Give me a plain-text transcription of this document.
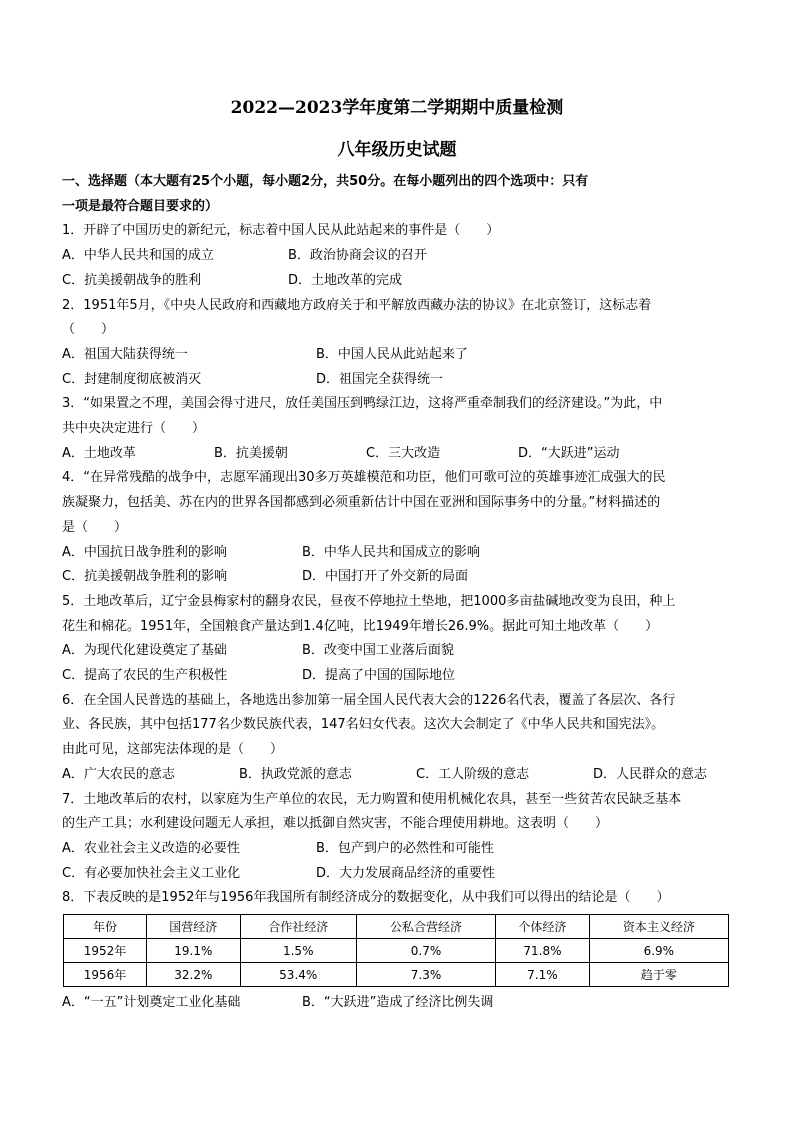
2022—2023学年度第二学期期中质量检测
八年级历史试题
一、选择题（本大题有25个小题，每小题2分，共50分。在每小题列出的四个选项中：只有
一项是最符合题目要求的）
1．开辟了中国历史的新纪元，标志着中国人民从此站起来的事件是（　　）
A．中华人民共和国的成立	B．政治协商会议的召开
C．抗美援朝战争的胜利	D．土地改革的完成
2．1951年5月，《中央人民政府和西藏地方政府关于和平解放西藏办法的协议》在北京签订，这标志着
（　　）
A．祖国大陆获得统一	B．中国人民从此站起来了
C．封建制度彻底被消灭	D．祖国完全获得统一
3．“如果置之不理，美国会得寸进尺，放任美国压到鸭绿江边，这将严重牵制我们的经济建设。”为此，中
共中央决定进行（　　）
A．土地改革	B．抗美援朝	C．三大改造	D．“大跃进”运动
4．“在异常残酷的战争中，志愿军涌现出30多万英雄模范和功臣，他们可歌可泣的英雄事迹汇成强大的民
族凝聚力，包括美、苏在内的世界各国都感到必须重新估计中国在亚洲和国际事务中的分量。”材料描述的
是（　　）
A．中国抗日战争胜利的影响	B．中华人民共和国成立的影响
C．抗美援朝战争胜利的影响	D．中国打开了外交新的局面
5．土地改革后，辽宁金县梅家村的翻身农民，昼夜不停地拉土垫地，把1000多亩盐碱地改变为良田，种上
花生和棉花。1951年，全国粮食产量达到1.4亿吨，比1949年增长26.9%。据此可知土地改革（　　）
A．为现代化建设奠定了基础	B．改变中国工业落后面貌
C．提高了农民的生产积极性	D．提高了中国的国际地位
6．在全国人民普选的基础上，各地选出参加第一届全国人民代表大会的1226名代表，覆盖了各层次、各行
业、各民族，其中包括177名少数民族代表，147名妇女代表。这次大会制定了《中华人民共和国宪法》。
由此可见，这部宪法体现的是（　　）
A．广大农民的意志	B．执政党派的意志	C．工人阶级的意志	D．人民群众的意志
7．土地改革后的农村，以家庭为生产单位的农民，无力购置和使用机械化农具，甚至一些贫苦农民缺乏基本
的生产工具；水利建设问题无人承担，难以抵御自然灾害，不能合理使用耕地。这表明（　　）
A．农业社会主义改造的必要性	B．包产到户的必然性和可能性
C．有必要加快社会主义工业化	D．大力发展商品经济的重要性
8．下表反映的是1952年与1956年我国所有制经济成分的数据变化，从中我们可以得出的结论是（　　）
年份	国营经济	合作社经济	公私合营经济	个体经济	资本主义经济
1952年	19.1%	1.5%	0.7%	71.8%	6.9%
1956年	32.2%	53.4%	7.3%	7.1%	趋于零
A．“一五”计划奠定工业化基础	B．“大跃进”造成了经济比例失调
